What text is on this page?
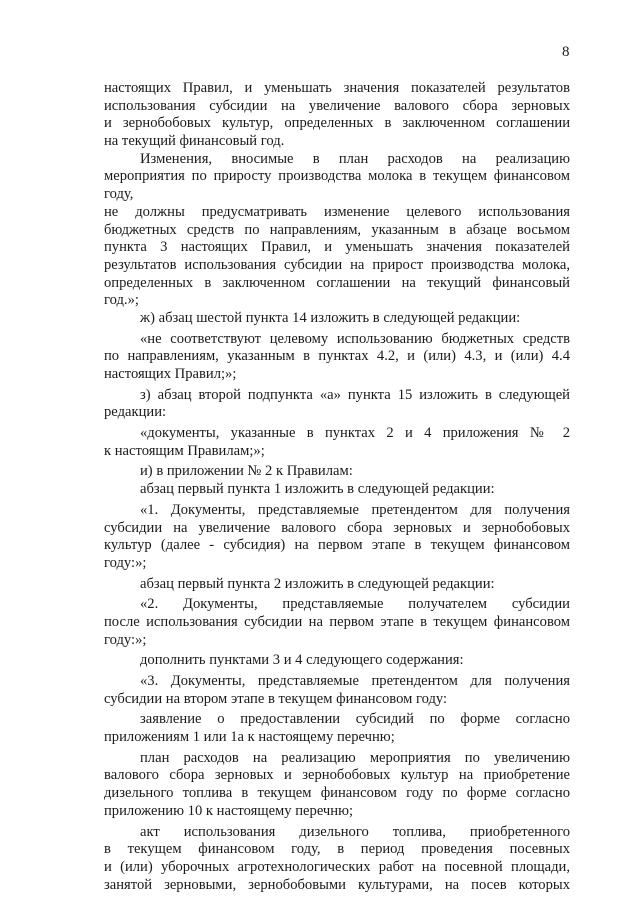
8
настоящих Правил, и уменьшать значения показателей результатов
использования субсидии на увеличение валового сбора зерновых
и зернобобовых культур, определенных в заключенном соглашении
на текущий финансовый год.
Изменения, вносимые в план расходов на реализацию
мероприятия по приросту производства молока в текущем финансовом
году,
не должны предусматривать изменение целевого использования
бюджетных средств по направлениям, указанным в абзаце восьмом
пункта 3 настоящих Правил, и уменьшать значения показателей
результатов использования субсидии на прирост производства молока,
определенных в заключенном соглашении на текущий финансовый
год.»;
ж) абзац шестой пункта 14 изложить в следующей редакции:
«не соответствуют целевому использованию бюджетных средств
по направлениям, указанным в пунктах 4.2, и (или) 4.3, и (или) 4.4
настоящих Правил;»;
з) абзац второй подпункта «а» пункта 15 изложить в следующей
редакции:
«документы, указанные в пунктах 2 и 4 приложения № 2
к настоящим Правилам;»;
и) в приложении № 2 к Правилам:
абзац первый пункта 1 изложить в следующей редакции:
«1. Документы, представляемые претендентом для получения
субсидии на увеличение валового сбора зерновых и зернобобовых
культур (далее - субсидия) на первом этапе в текущем финансовом
году:»;
абзац первый пункта 2 изложить в следующей редакции:
«2. Документы, представляемые получателем субсидии
после использования субсидии на первом этапе в текущем финансовом
году:»;
дополнить пунктами 3 и 4 следующего содержания:
«3. Документы, представляемые претендентом для получения
субсидии на втором этапе в текущем финансовом году:
заявление о предоставлении субсидий по форме согласно
приложениям 1 или 1а к настоящему перечню;
план расходов на реализацию мероприятия по увеличению
валового сбора зерновых и зернобобовых культур на приобретение
дизельного топлива в текущем финансовом году по форме согласно
приложению 10 к настоящему перечню;
акт использования дизельного топлива, приобретенного
в текущем финансовом году, в период проведения посевных
и (или) уборочных агротехнологических работ на посевной площади,
занятой зерновыми, зернобобовыми культурами, на посев которых
